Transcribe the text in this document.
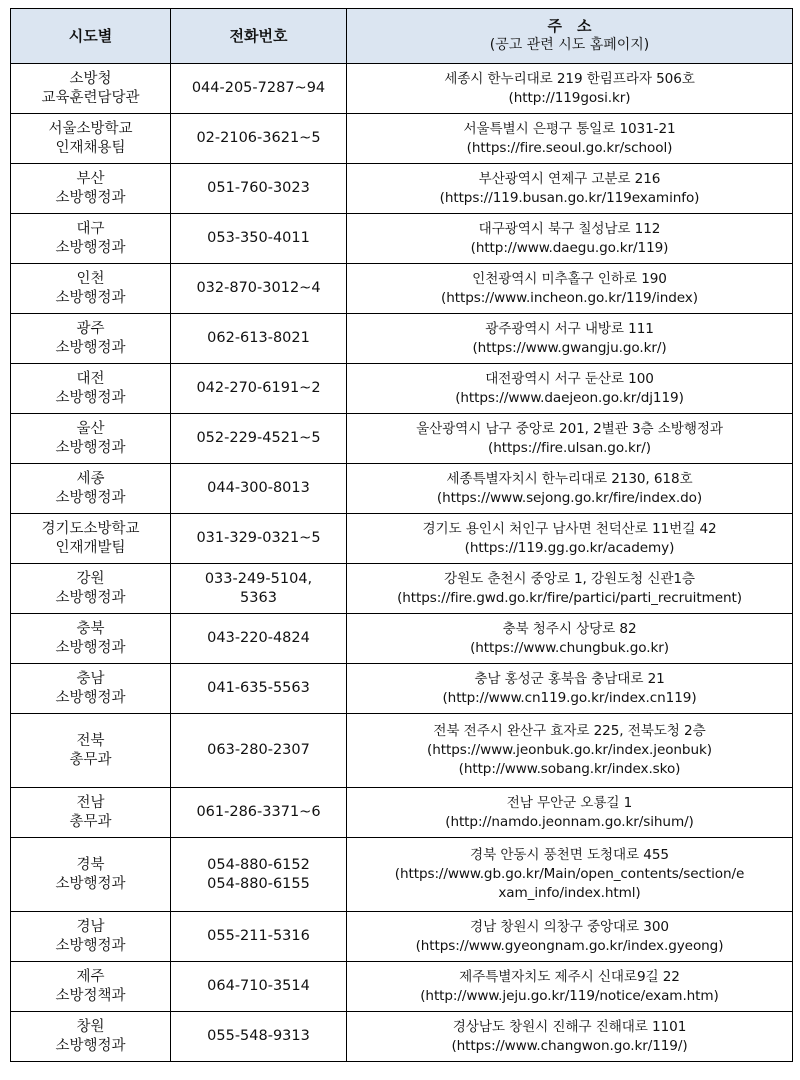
시도별	전화번호	주　소
(공고 관련 시도 홈페이지)

소방청
교육훈련담당관	044-205-7287~94	세종시 한누리대로 219 한림프라자 506호
(http://119gosi.kr)

서울소방학교
인재채용팀	02-2106-3621~5	서울특별시 은평구 통일로 1031-21
(https://fire.seoul.go.kr/school)

부산
소방행정과	051-760-3023	부산광역시 연제구 고분로 216
(https://119.busan.go.kr/119examinfo)

대구
소방행정과	053-350-4011	대구광역시 북구 칠성남로 112
(http://www.daegu.go.kr/119)

인천
소방행정과	032-870-3012~4	인천광역시 미추홀구 인하로 190
(https://www.incheon.go.kr/119/index)

광주
소방행정과	062-613-8021	광주광역시 서구 내방로 111
(https://www.gwangju.go.kr/)

대전
소방행정과	042-270-6191~2	대전광역시 서구 둔산로 100
(https://www.daejeon.go.kr/dj119)

울산
소방행정과	052-229-4521~5	울산광역시 남구 중앙로 201, 2별관 3층 소방행정과
(https://fire.ulsan.go.kr/)

세종
소방행정과	044-300-8013	세종특별자치시 한누리대로 2130, 618호
(https://www.sejong.go.kr/fire/index.do)

경기도소방학교
인재개발팀	031-329-0321~5	경기도 용인시 처인구 남사면 천덕산로 11번길 42
(https://119.gg.go.kr/academy)

강원
소방행정과	033-249-5104,
5363	강원도 춘천시 중앙로 1, 강원도청 신관1층
(https://fire.gwd.go.kr/fire/partici/parti_recruitment)

충북
소방행정과	043-220-4824	충북 청주시 상당로 82
(https://www.chungbuk.go.kr)

충남
소방행정과	041-635-5563	충남 홍성군 홍북읍 충남대로 21
(http://www.cn119.go.kr/index.cn119)

전북
총무과	063-280-2307	전북 전주시 완산구 효자로 225, 전북도청 2층
(https://www.jeonbuk.go.kr/index.jeonbuk)
(http://www.sobang.kr/index.sko)

전남
총무과	061-286-3371~6	전남 무안군 오룡길 1
(http://namdo.jeonnam.go.kr/sihum/)

경북
소방행정과	054-880-6152
054-880-6155	경북 안동시 풍천면 도청대로 455
(https://www.gb.go.kr/Main/open_contents/section/e
xam_info/index.html)

경남
소방행정과	055-211-5316	경남 창원시 의창구 중앙대로 300
(https://www.gyeongnam.go.kr/index.gyeong)

제주
소방정책과	064-710-3514	제주특별자치도 제주시 신대로9길 22
(http://www.jeju.go.kr/119/notice/exam.htm)

창원
소방행정과	055-548-9313	경상남도 창원시 진해구 진해대로 1101
(https://www.changwon.go.kr/119/)
